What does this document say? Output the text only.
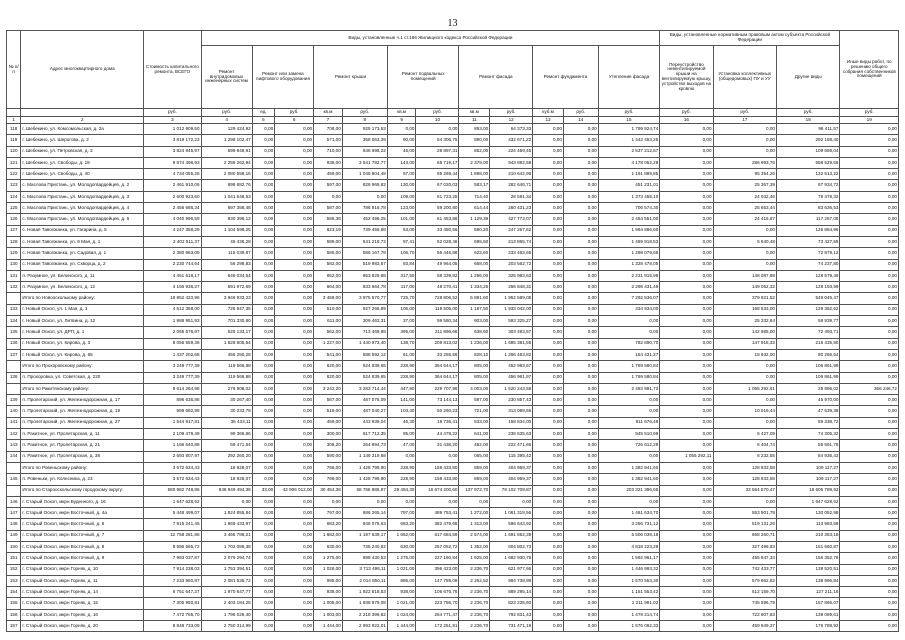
13
№ п/п	Адрес многоквартирного дома	Стоимость капитального ремонта, ВСЕГО	Виды, установленные ч.1 ст.166 Жилищного кодекса Российской Федерации												Виды, установленные нормативным правовым актом субъекта Российской Федерации			Иные виды работ, по решению общего собрания собственников помещений
			Ремонт внутридомовых инженерных систем	Ремонт или замена лифтового оборудования		Ремонт крыши		Ремонт подвальных помещений		Ремонт фасада		Ремонт фундамента		Утепление фасада	Переустройство невентилируемой крыши на вентилируемую крышу, устройство выходов на кровлю	Установка коллективных (общедомовых) ПУ и УУ	Другие виды	
		руб.	руб.	ед.	руб.	кв.м	руб.	кв.м	руб.	кв.м	руб.	куб.м	руб.	руб.	руб.	руб.	руб.	руб.
1	2	3	4	5	6	7	8	9	10	11	12	13	14	15	16	17	18	19
118	г. Шебекино, ул. Комсомольская, д. 2а	1 012 909,50	129 424,92	0,00	0,00	708,00	925 173,53	0,00	0,00	893,00	64 373,33	0,00	0,00	1 799 924,74	0,00	0,00	98 411,57	0,00
119	г. Шебекино, ул. Шерогова, д. 2	3 819 172,23	1 298 102,47	0,00	0,00	571,00	358 063,39	90,00	54 306,75	890,00	432 671,22	0,00	0,00	1 442 453,25	0,00	0,00	292 188,40	0,00
120	г. Шебекино, ул. Петровская, д. 3	3 824 945,97	599 949,91	0,00	0,00	710,00	646 698,22	46,00	28 897,31	852,00	224 459,45	0,00	0,00	2 537 212,67	0,00	0,00	109 669,04	0,00
121	г. Шебекино, ул. Свободы, д. 19	9 874 496,93	2 258 262,94	0,00	0,00	938,00	3 541 782,77	143,00	65 719,17	2 379,00	943 892,58	0,00	0,00	4 178 052,29	0,00	286 993,76	558 529,56	0,00
122	г. Шебекино, ул. Свободы, д. 40	4 734 055,26	2 080 558,16	0,00	0,00	459,00	1 045 804,48	97,00	65 269,44	1 898,00	210 642,96	0,00	0,00	1 191 889,85	0,00	95 354,26	132 513,22	0,00
123	с. Маслова Пристань, ул. Молодогвардейцев, д. 2	2 461 910,06	698 682,76	0,00	0,00	597,00	828 969,82	130,00	67 020,03	583,17	282 646,71	0,00	0,00	451 231,01	0,00	25 367,39	87 934,72	0,00
124	с. Маслова Пристань, ул. Молодогвардейцев, д. 3	2 600 923,60	1 041 548,53	0,00	0,00	0,00	0,00	109,00	61 723,25	714,40	28 591,34	0,00	0,00	1 373 455,10	0,00	24 032,46	78 478,32	0,00
125	с. Маслова Пристань, ул. Молодогвардейцев, д. 4	2 456 686,34	697 358,48	0,00	0,00	597,00	786 916,78	123,00	59 200,80	614,44	260 431,23	0,00	0,00	706 574,30	0,00	25 653,44	83 636,53	0,00
126	с. Маслова Пристань, ул. Молодогвардейцев, д. 6	4 040 996,59	830 396,12	0,00	0,00	586,36	452 496,25	101,00	61 453,86	1 129,39	427 773,07	0,00	0,00	2 454 551,00	0,00	24 416,87	117 267,06	0,00
127	с. Новая Таволжанка, ул. Гагарина, д. 5	4 247 358,29	1 104 598,25	0,00	0,00	823,19	739 459,88	53,00	33 480,56	580,20	247 267,62	0,00	0,00	1 994 886,60	0,00	0,00	126 864,96	0,00
128	с. Новая Таволжанка, ул. 9 Мая, д. 1	2 402 511,37	45 436,28	0,00	0,00	599,00	541 218,73	97,41	62 028,46	695,50	213 865,74	0,00	0,00	1 469 918,53	0,00	5 640,48	73 427,55	0,00
129	с. Новая Таволжанка, ул. Садовая, д. 1	2 380 963,09	115 039,87	0,00	0,00	586,00	586 167,78	105,70	56 446,88	622,60	233 463,65	0,00	0,00	1 298 079,66	0,00	0,00	72 879,12	0,00
130	с. Новая Таволжанка, ул. Скворца, д. 2	2 230 744,64	56 298,83	0,00	0,00	582,00	519 983,57	93,84	49 964,05	668,00	203 562,72	0,00	0,00	1 328 478,05	0,00	0,00	74 237,80	0,00
131	п. Разумное, ул. Белинского, д. 11	4 451 518,17	646 034,54	0,00	0,00	652,00	953 829,88	317,50	68 339,82	1 296,00	325 983,63	0,00	0,00	2 231 915,99	0,00	148 087,88	128 579,49	0,00
132	п. Разумное, ул. Белинского, д. 12	4 166 936,27	591 972,69	0,00	0,00	664,00	833 664,78	117,00	48 270,41	1 334,25	256 848,31	0,00	0,00	2 298 431,49	0,00	149 052,32	128 193,99	0,00
	Итого по Новоосколькому району:	18 852 423,96	3 946 933,23	0,00	0,00	3 466,00	3 975 570,77	725,70	728 806,52	5 891,60	1 952 589,05	0,00	0,00	7 292 536,07	0,00	379 821,52	549 045,47	0,00
133	г. Новый Оскол, ул. 1 Мая, д. 1	4 512 358,00	726 947,35	0,00	0,00	510,00	927 266,89	105,00	119 505,00	1 187,50	1 933 042,00	0,00	0,00	334 934,00	0,00	168 533,00	129 352,62	0,00
134	г. Новый Оскол, ул. Литвина, д. 12	1 988 951,93	701 330,80	0,00	0,00	611,00	309 463,31	37,00	99 560,34	903,00	593 325,27	0,00	0,00	0,00	0,00	25 332,64	58 939,77	0,00
135	г. Новый Оскол, ул. ДРП, д. 1	2 065 576,67	525 133,17	0,00	0,00	562,00	713 469,98	395,00	211 896,66	638,60	303 483,57	0,00	0,00	0,00	0,00	142 985,00	72 493,71	0,00
136	г. Новый Оскол, ул. Кирова, д. 3	8 056 559,36	1 528 605,54	0,00	0,00	1 227,00	1 440 973,40	138,70	209 813,02	1 236,00	1 685 381,59	0,00	0,00	782 690,70	0,00	147 918,33	216 435,80	0,00
137	г. Новый Оскол, ул. Кирова, д. 65	1 437 202,68	455 250,28	0,00	0,00	541,00	588 592,12	61,00	33 255,56	828,10	1 266 453,82	0,00	0,00	154 431,27	0,00	18 932,00	80 266,64	0,00
	Итого по Прохоровскому району:	3 249 777,39	119 566,88	0,00	0,00	620,00	524 839,65	228,90	364 644,17	805,00	452 983,67	0,00	0,00	1 769 580,84	0,00	0,00	106 861,99	0,00
138	п. Прохоровка, ул. Советская, д. 220	3 249 777,39	119 566,88	0,00	0,00	620,00	524 839,65	228,90	364 644,17	805,00	456 961,97	0,00	0,00	1 769 580,84	0,00	0,00	106 861,99	0,00
	Итого по Ракитянскому району:	9 614 264,98	276 908,02	0,00	0,00	3 242,20	3 283 714,44	447,90	229 707,96	4 003,00	1 520 243,58	0,00	0,00	2 483 891,73	0,00	1 055 292,61	29 896,02	366 246,72
139	п. Пролетарский, ул. Железнодорожная, д. 17	896 636,86	30 267,40	0,00	0,00	567,00	487 076,09	141,00	73 144,13	597,00	230 857,43	0,00	0,00	0,00	0,00	0,00	45 970,00	0,00
140	п. Пролетарский, ул. Железнодорожная, д. 19	999 692,98	30 233,79	0,00	0,00	519,00	487 040,27	103,40	50 260,23	721,00	313 089,56	0,00	0,00	0,00	0,00	10 019,44	47 539,38	0,00
141	п. Пролетарский, ул. Железнодорожная, д. 27	1 544 917,81	35 433,11	0,00	0,00	459,00	443 939,04	46,30	19 736,41	533,00	158 834,00	0,00	0,00	811 676,46	0,00	0,00	59 338,72	0,00
142	п. Ракитное, ул. Пролетарская, д. 11	2 109 479,49	99 366,86	0,00	0,00	300,00	617 712,35	95,00	44 478,22	641,00	238 635,63	0,00	0,00	945 510,99	0,00	6 427,09	74 305,32	0,00
143	п. Ракитное, ул. Пролетарская, д. 21	1 166 540,88	59 471,54	0,00	0,00	308,20	264 894,73	47,00	31 438,20	482,00	222 471,66	0,00	0,00	726 612,29	0,00	6 404,74	55 591,78	0,00
144	п. Ракитное, ул. Пролетарская, д. 38	2 693 807,97	292 260,20	0,00	0,00	590,00	1 149 319,68	0,00	0,00	065,00	115 395,42	0,00	0,00	0,00	1 055 292,11	6 232,55	84 936,43	0,00
	Итого по Ровеньскому району:	3 572 634,43	18 928,07	0,00	0,00	766,00	1 428 799,90	228,90	158 433,80	859,00	404 959,37	0,00	0,00	1 382 941,60	0,00	128 833,58	109 117,27	0,00
145	п. Ровеньки, ул. Колесника, д. 23	3 572 634,43	18 928,07	0,00	0,00	766,00	1 428 799,90	228,90	158 433,80	859,00	404 959,37	0,00	0,00	1 382 941,60	0,00	128 833,58	109 117,27	0,00
	Итого по Старооскольскому городскому округу:	580 982 748,86	848 949 494,36	33,00	42 906 012,00	30 454,36	68 766 886,97	29 494,30	16 674 200,60	137 972,70	78 102 709,87	0,00	0,00	203 321 396,65	0,00	33 564 570,47	18 605 789,93	0,00
146	г. Старый Оскол, мкрн Буденного, д. 16	1 647 628,52	0,00	0,00	0,00	0,00	0,00	0,00	0,00	0,00	0,00	0,00	0,00	0,00	0,00	0,00	1 647 628,52	0,00
147	г. Старый Оскол, мкрн Восточный, д. 4а	5 448 499,07	1 824 855,84	0,00	0,00	797,00	686 265,14	797,00	489 753,41	1 272,00	1 061 318,56	0,00	0,00	1 461 634,70	0,00	553 901,78	130 052,98	0,00
148	г. Старый Оскол, мкрн Восточный, д. 6	7 815 241,45	1 969 433,97	0,00	0,00	683,20	946 076,63	683,20	382 479,68	1 313,00	596 643,92	0,00	0,00	3 256 731,12	0,00	519 131,26	113 993,69	0,00
149	г. Старый Оскол, мкрн Восточный, д. 7	12 758 281,86	3 466 788,21	0,00	0,00	1 682,00	1 197 539,17	1 662,00	617 684,59	2 574,00	1 691 852,39	0,00	0,00	5 506 039,18	0,00	668 260,71	210 353,18	0,00
150	г. Старый Оскол, мкрн Восточный, д. 8	8 596 565,72	1 702 089,38	0,00	0,00	630,00	735 240,82	630,00	257 052,72	1 352,00	604 802,73	0,00	0,00	4 818 223,29	0,00	327 496,93	151 660,87	0,00
151	г. Старый Оскол, мкрн Восточный, д. 9	7 993 037,87	2 076 294,74	0,00	0,00	1 275,00	898 430,53	1 275,00	227 160,84	1 925,00	1 682 930,78	0,00	0,00	1 592 961,17	0,00	455 947,34	156 352,79	0,00
152	г. Старый Оскол, мкрн Горняк, д. 10	7 914 238,03	1 753 394,51	0,00	0,00	1 026,00	3 713 496,11	1 021,00	396 423,00	2 236,70	621 977,66	0,00	0,00	1 446 993,32	0,00	742 433,77	139 520,51	0,00
153	г. Старый Оскол, мкрн Горняк, д. 11	7 233 950,87	2 081 535,72	0,00	0,00	995,00	2 014 850,11	995,00	147 789,09	2 262,52	994 738,99	0,00	0,00	1 570 553,30	0,00	579 862,82	138 996,84	0,00
154	г. Старый Оскол, мкрн Горняк, д. 14	6 751 647,27	1 970 647,77	0,00	0,00	938,00	1 922 818,53	938,00	106 676,76	2 236,70	889 295,14	0,00	0,00	1 151 553,42	0,00	512 159,70	127 211,16	0,00
155	г. Старый Оскол, мкрн Горняк, д. 15	7 305 950,81	2 403 184,25	0,00	0,00	1 005,00	1 938 979,08	1 021,00	223 786,70	2 236,70	823 235,60	0,00	0,00	1 211 991,02	0,00	745 596,79	157 866,07	0,00
156	г. Старый Оскол, мкрн Горняк, д. 16	7 472 765,70	1 796 029,40	0,00	0,00	1 003,00	2 218 399,82	1 024,00	264 771,47	2 236,70	792 831,43	0,00	0,00	1 479 214,74	0,00	722 807,83	139 089,61	0,00
157	г. Старый Оскол, мкрн Горняк, д. 20	8 848 733,09	2 750 314,99	0,00	0,00	1 444,00	2 993 922,01	1 444,00	172 251,91	2 236,70	731 471,19	0,00	0,00	1 576 092,33	0,00	459 949,37	176 788,92	0,00
